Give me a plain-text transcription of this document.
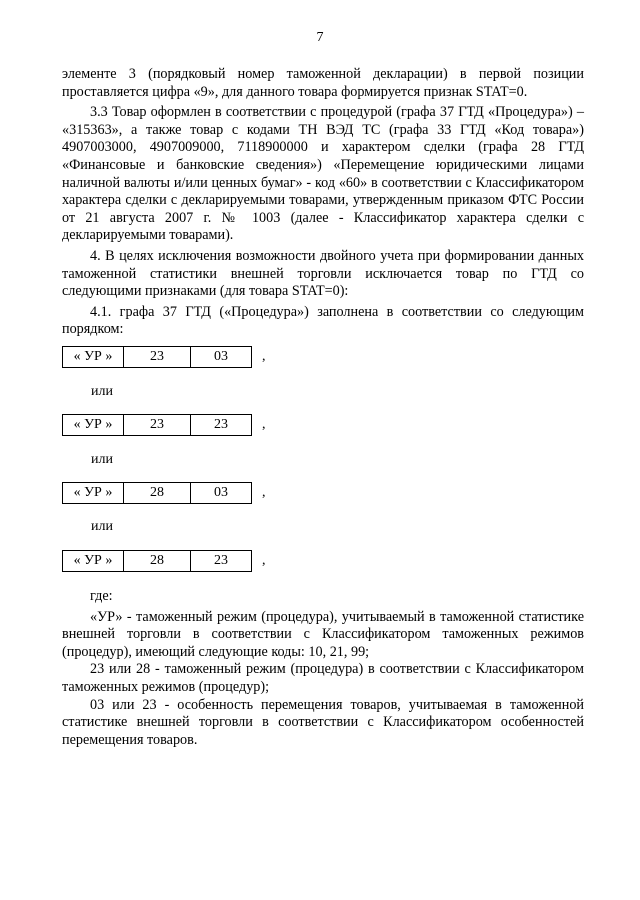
7

элементе 3 (порядковый номер таможенной декларации) в первой позиции проставляется цифра «9», для данного товара формируется признак STAT=0.

3.3 Товар оформлен в соответствии с процедурой (графа 37 ГТД «Процедура») – «315363», а также товар с кодами ТН ВЭД ТС (графа 33 ГТД «Код товара») 4907003000, 4907009000, 7118900000 и характером сделки (графа 28 ГТД «Финансовые и банковские сведения») «Перемещение юридическими лицами наличной валюты и/или ценных бумаг» - код «60» в соответствии с Классификатором характера сделки с декларируемыми товарами, утвержденным приказом ФТС России от 21 августа 2007 г. № 1003 (далее - Классификатор характера сделки с декларируемыми товарами).

4. В целях исключения возможности двойного учета при формировании данных таможенной статистики внешней торговли исключается товар по ГТД со следующими признаками (для товара STAT=0):

4.1. графа 37 ГТД («Процедура») заполнена в соответствии со следующим порядком:

« УР »	23	03	,
или
« УР »	23	23	,
или
« УР »	28	03	,
или
« УР »	28	23	,

где:

«УР» - таможенный режим (процедура), учитываемый в таможенной статистике внешней торговли в соответствии с Классификатором таможенных режимов (процедур), имеющий следующие коды: 10, 21, 99;

23 или 28 - таможенный режим (процедура) в соответствии с Классификатором таможенных режимов (процедур);

03 или 23 - особенность перемещения товаров, учитываемая в таможенной статистике внешней торговли в соответствии с Классификатором особенностей перемещения товаров.
